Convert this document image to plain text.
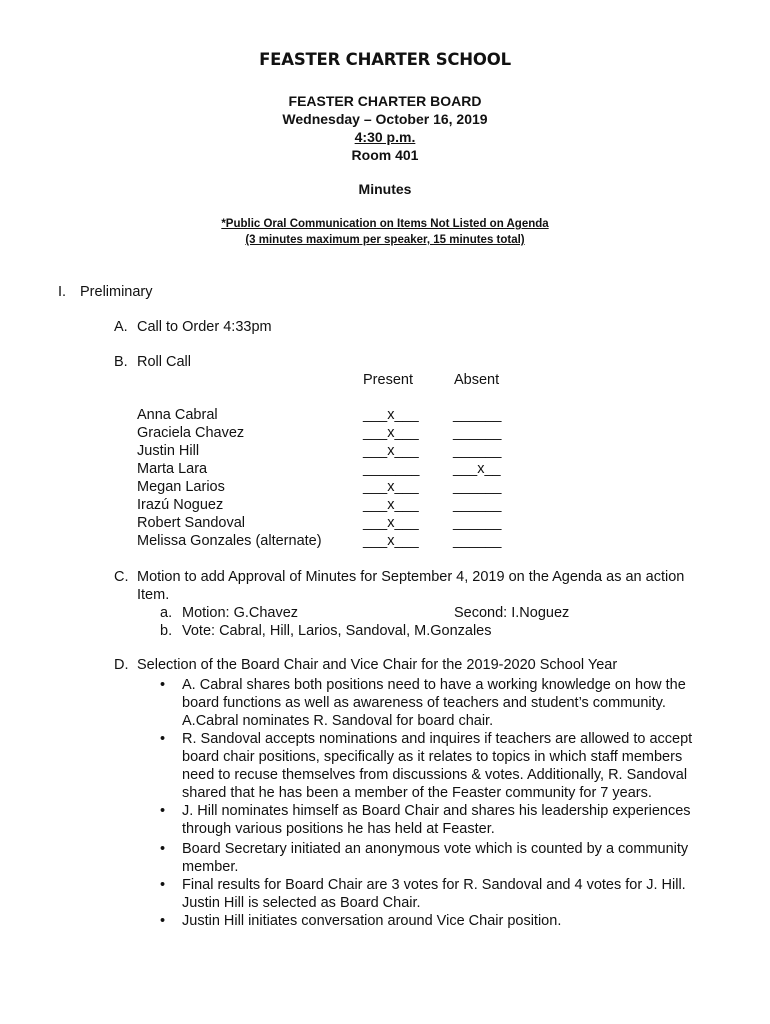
FEASTER CHARTER SCHOOL
FEASTER CHARTER BOARD
Wednesday – October 16, 2019
4:30 p.m.
Room 401
Minutes
*Public Oral Communication on Items Not Listed on Agenda
(3 minutes maximum per speaker, 15 minutes total)
I. Preliminary
A. Call to Order 4:33pm
B. Roll Call
Present	Absent
Anna Cabral	___x___ ______
Graciela Chavez	___x___ ______
Justin Hill	___x___ ______
Marta Lara	_______ ___x__
Megan Larios	___x___ ______
Irazú Noguez	___x___ ______
Robert Sandoval	___x___ ______
Melissa Gonzales (alternate)	___x___ ______
C. Motion to add Approval of Minutes for September 4, 2019 on the Agenda as an action
Item.
a. Motion: G.Chavez	Second: I.Noguez
b. Vote: Cabral, Hill, Larios, Sandoval, M.Gonzales
D. Selection of the Board Chair and Vice Chair for the 2019-2020 School Year
• A. Cabral shares both positions need to have a working knowledge on how the
board functions as well as awareness of teachers and student’s community.
A.Cabral nominates R. Sandoval for board chair.
• R. Sandoval accepts nominations and inquires if teachers are allowed to accept
board chair positions, specifically as it relates to topics in which staff members
need to recuse themselves from discussions & votes. Additionally, R. Sandoval
shared that he has been a member of the Feaster community for 7 years.
• J. Hill nominates himself as Board Chair and shares his leadership experiences
through various positions he has held at Feaster.
• Board Secretary initiated an anonymous vote which is counted by a community
member.
• Final results for Board Chair are 3 votes for R. Sandoval and 4 votes for J. Hill.
Justin Hill is selected as Board Chair.
• Justin Hill initiates conversation around Vice Chair position.
